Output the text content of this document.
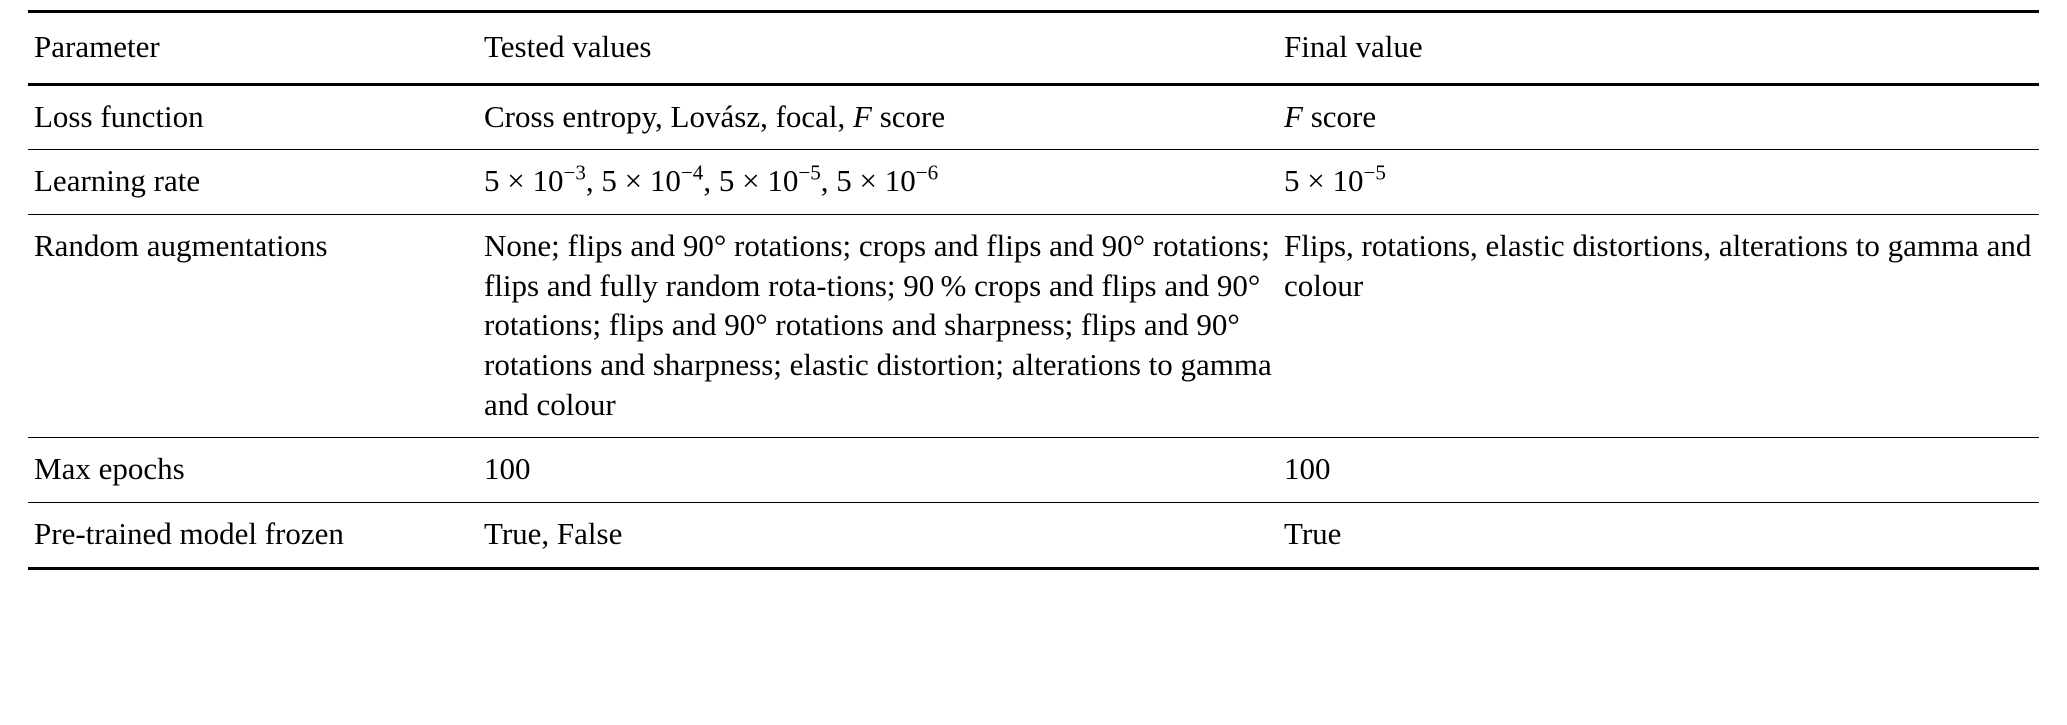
Parameter	Tested values	Final value
Loss function	Cross entropy, Lovász, focal, F score	F score
Learning rate	$5 \times 10^{-3}$, $5 \times 10^{-4}$, $5 \times 10^{-5}$, $5 \times 10^{-6}$	$5 \times 10^{-5}$
Random augmentations	None; flips and 90° rotations; crops and flips and 90° rotations; flips and fully random rota‑tions; 90 % crops and flips and 90° rotations; flips and 90° rotations and sharpness; flips and 90° rotations and sharpness; elastic distortion; alterations to gamma and colour	Flips, rotations, elastic distortions, alterations to gamma and colour
Max epochs	100	100
Pre-trained model frozen	True, False	True
